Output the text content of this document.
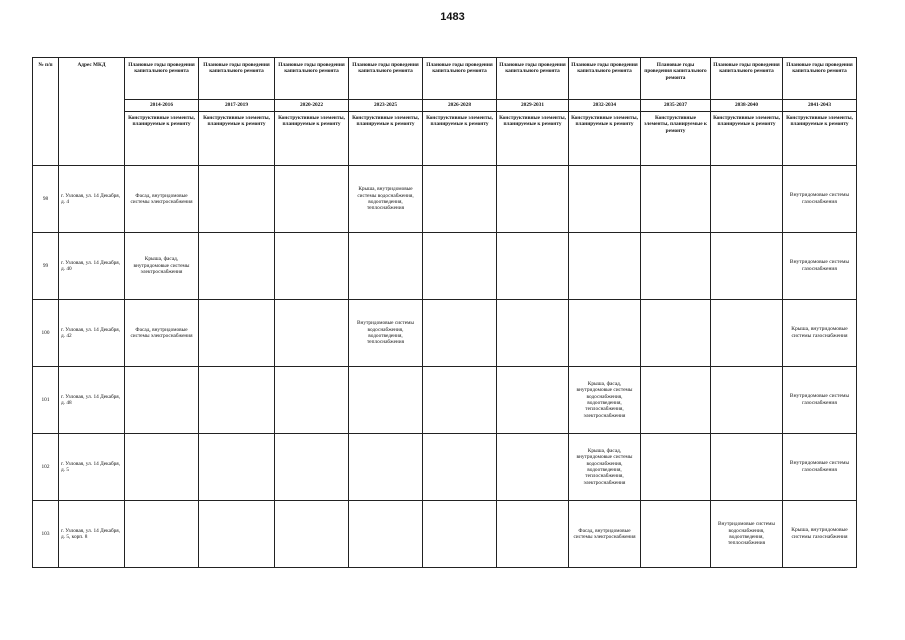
1483
№ п/п	Адрес МКД	Плановые годы проведения капитального ремонта	Плановые годы проведения капитального ремонта	Плановые годы проведения капитального ремонта	Плановые годы проведения капитального ремонта	Плановые годы проведения капитального ремонта	Плановые годы проведения капитального ремонта	Плановые годы проведения капитального ремонта	Плановые годы проведения капитального ремонта	Плановые годы проведения капитального ремонта	Плановые годы проведения капитального ремонта
		2014-2016	2017-2019	2020-2022	2023-2025	2026-2028	2029-2031	2032-2034	2035-2037	2038-2040	2041-2043
		Конструктивные элементы, планируемые к ремонту	Конструктивные элементы, планируемые к ремонту	Конструктивные элементы, планируемые к ремонту	Конструктивные элементы, планируемые к ремонту	Конструктивные элементы, планируемые к ремонту	Конструктивные элементы, планируемые к ремонту	Конструктивные элементы, планируемые к ремонту	Конструктивные элементы, планируемые к ремонту	Конструктивные элементы, планируемые к ремонту	Конструктивные элементы, планируемые к ремонту
98	г. Узловая, ул. 14 Декабря, д. 4	Фасад, внутридомовые системы электроснабжения			Крыша, внутридомовые системы водоснабжения, водоотведения, теплоснабжения						Внутридомовые системы газоснабжения
99	г. Узловая, ул. 14 Декабря, д. 40	Крыша, фасад, внутридомовые системы электроснабжения									Внутридомовые системы газоснабжения
100	г. Узловая, ул. 14 Декабря, д. 42	Фасад, внутридомовые системы электроснабжения			Внутридомовые системы водоснабжения, водоотведения, теплоснабжения						Крыша, внутридомовые системы газоснабжения
101	г. Узловая, ул. 14 Декабря, д. 48							Крыша, фасад, внутридомовые системы водоснабжения, водоотведения, теплоснабжения, электроснабжения			Внутридомовые системы газоснабжения
102	г. Узловая, ул. 14 Декабря, д. 5							Крыша, фасад, внутридомовые системы водоснабжения, водоотведения, теплоснабжения, электроснабжения			Внутридомовые системы газоснабжения
103	г. Узловая, ул. 14 Декабря, д. 5, корп. 8							Фасад, внутридомовые системы электроснабжения		Внутридомовые системы водоснабжения, водоотведения, теплоснабжения	Крыша, внутридомовые системы газоснабжения
